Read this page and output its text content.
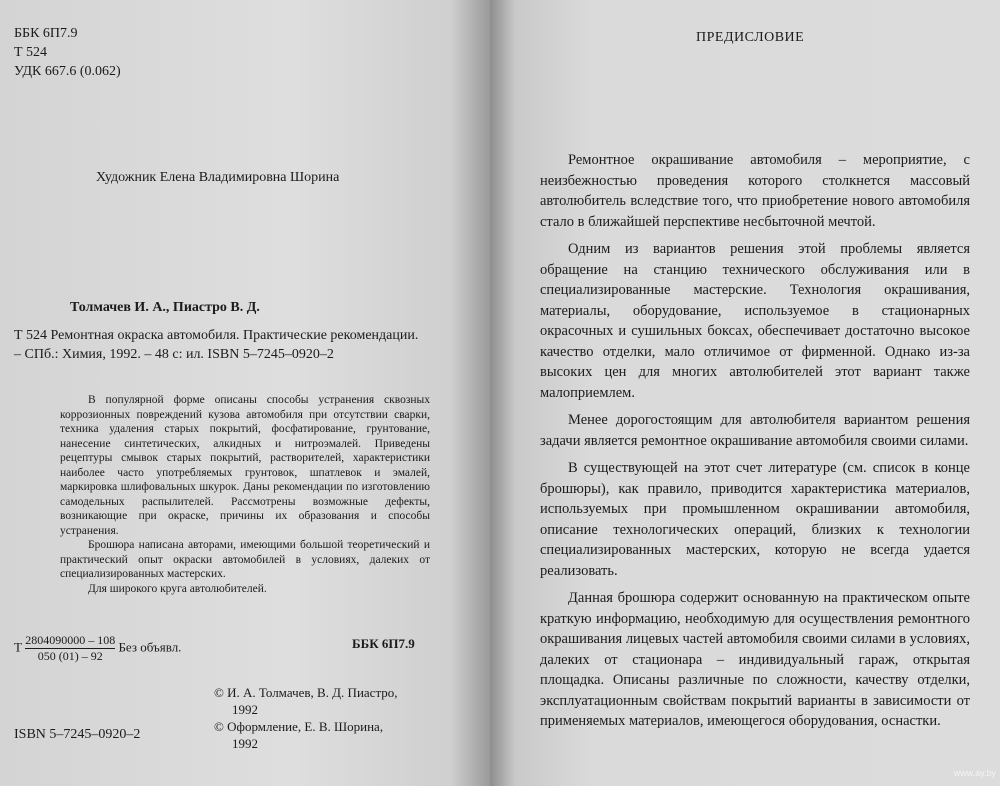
ББК 6П7.9
Т 524
УДК 667.6 (0.062)
Художник Елена Владимировна Шорина
Толмачев И. А., Пиастро В. Д.
Т 524 Ремонтная окраска автомобиля. Практические рекомендации. – СПб.: Химия, 1992. – 48 с: ил. ISBN 5–7245–0920–2

В популярной форме описаны способы устранения сквозных коррозионных повреждений кузова автомобиля при отсутствии сварки, техника удаления старых покрытий, фосфатирование, грунтование, нанесение синтетических, алкидных и нитроэмалей. Приведены рецептуры смывок старых покрытий, растворителей, характеристики наиболее часто употребляемых грунтовок, шпатлевок и эмалей, маркировка шлифовальных шкурок. Даны рекомендации по изготовлению самодельных распылителей. Рассмотрены возможные дефекты, возникающие при окраске, причины их образования и способы устранения.

Брошюра написана авторами, имеющими большой теоретический и практический опыт окраски автомобилей в условиях, далеких от специализированных мастерских.

Для широкого круга автолюбителей.

Т $\frac{2804090000 - 108}{050 (01) - 92}$ Без объявл.	ББК 6П7.9
© И. А. Толмачев, В. Д. Пиастро,
1992
© Оформление, Е. В. Шорина,
1992
ISBN 5–7245–0920–2
ПРЕДИСЛОВИЕ

Ремонтное окрашивание автомобиля – мероприятие, с неизбежностью проведения которого столкнется массовый автолюбитель вследствие того, что приобретение нового автомобиля стало в ближайшей перспективе несбыточной мечтой.

Одним из вариантов решения этой проблемы является обращение на станцию технического обслуживания или в специализированные мастерские. Технология окрашивания, материалы, оборудование, используемое в стационарных окрасочных и сушильных боксах, обеспечивает достаточно высокое качество отделки, мало отличимое от фирменной. Однако из-за высоких цен для многих автолюбителей этот вариант также малоприемлем.

Менее дорогостоящим для автолюбителя вариантом решения задачи является ремонтное окрашивание автомобиля своими силами.

В существующей на этот счет литературе (см. список в конце брошюры), как правило, приводится характеристика материалов, используемых при промышленном окрашивании автомобиля, описание технологических операций, близких к технологии специализированных мастерских, которую не всегда удается реализовать.

Данная брошюра содержит основанную на практическом опыте краткую информацию, необходимую для осуществления ремонтного окрашивания лицевых частей автомобиля своими силами в условиях, далеких от стационара – индивидуальный гараж, открытая площадка. Описаны различные по сложности, качеству отделки, эксплуатационным свойствам покрытий варианты в зависимости от применяемых материалов, имеющегося оборудования, оснастки.

www.ay.by
